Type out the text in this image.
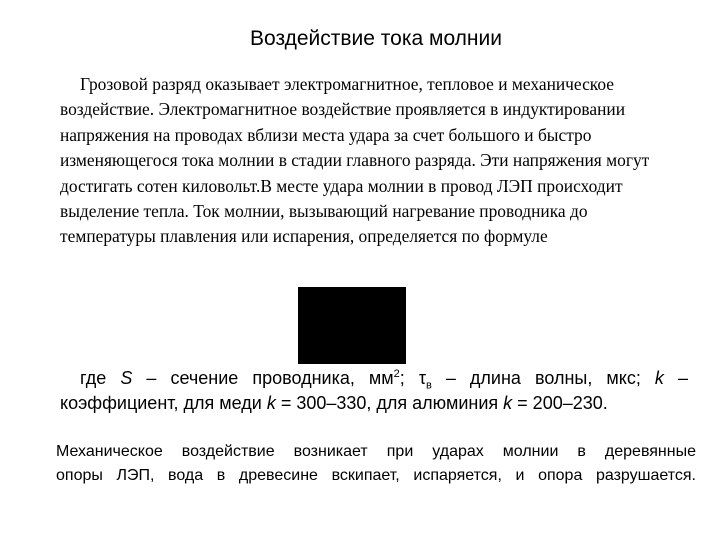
Воздействие тока молнии

Грозовой разряд оказывает электромагнитное, тепловое и механическое воздействие. Электромагнитное воздействие проявляется в индуктировании напряжения на проводах вблизи места удара за счет большого и быстро изменяющегося тока молнии в стадии главного разряда. Эти напряжения могут достигать сотен киловольт.В месте удара молнии в провод ЛЭП происходит выделение тепла. Ток молнии, вызывающий нагревание проводника до температуры плавления или испарения, определяется по формуле

где S – сечение проводника, $мм^2$; $\tau_в$ – длина волны, мкс; k –
коэффициент, для меди k = 300–330, для алюминия k = 200–230.
Механическое воздействие возникает при ударах молнии в деревянные
опоры ЛЭП, вода в древесине вскипает, испаряется, и опора разрушается.
